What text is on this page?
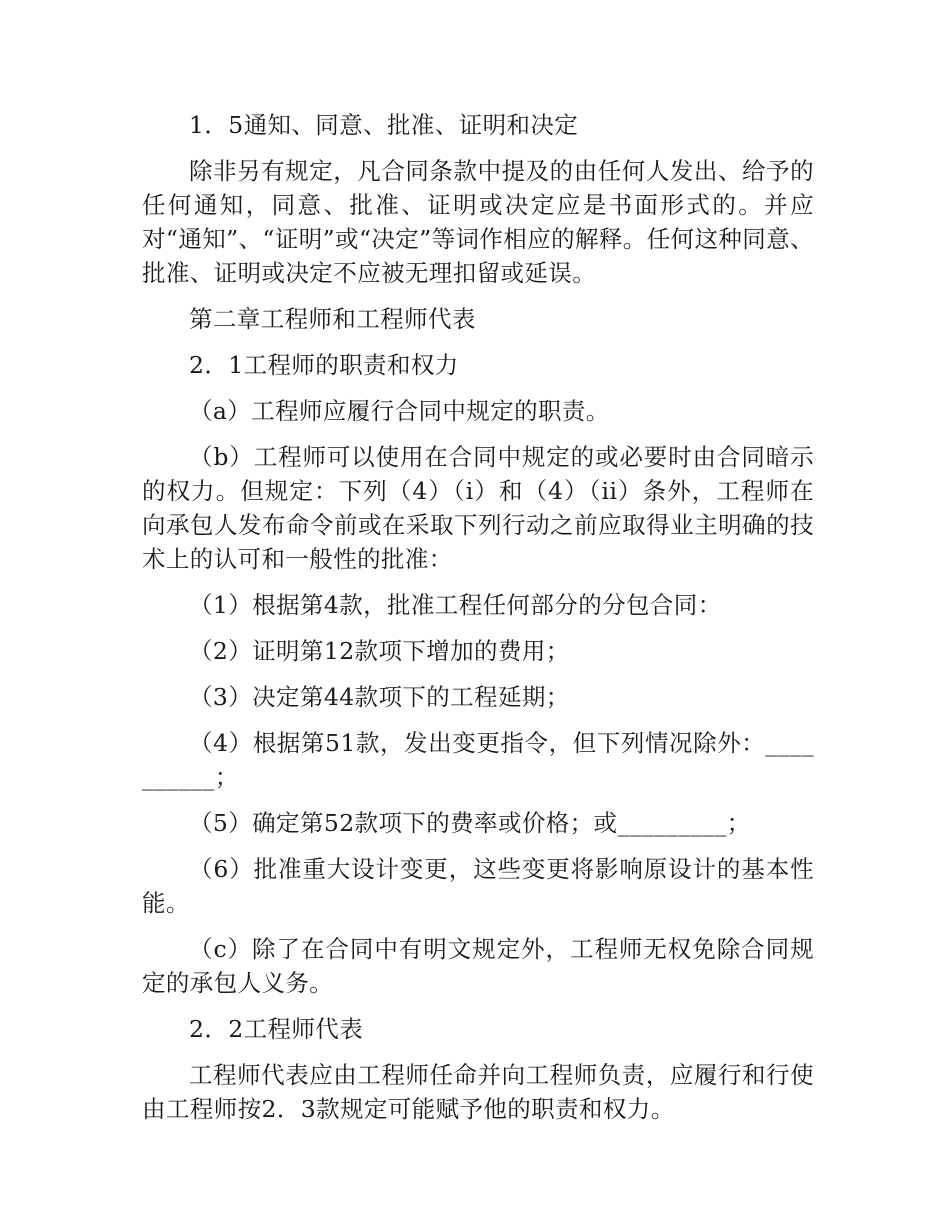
1．5通知、同意、批准、证明和决定

除非另有规定，凡合同条款中提及的由任何人发出、给予的任何通知，同意、批准、证明或决定应是书面形式的。并应对“通知”、“证明”或“决定”等词作相应的解释。任何这种同意、批准、证明或决定不应被无理扣留或延误。

第二章工程师和工程师代表

2．1工程师的职责和权力

（a）工程师应履行合同中规定的职责。

（b）工程师可以使用在合同中规定的或必要时由合同暗示的权力。但规定：下列（4）（i）和（4）（ii）条外，工程师在向承包人发布命令前或在采取下列行动之前应取得业主明确的技术上的认可和一般性的批准：

（1）根据第4款，批准工程任何部分的分包合同：

（2）证明第12款项下增加的费用；

（3）决定第44款项下的工程延期；

（4）根据第51款，发出变更指令，但下列情况除外：__________；

（5）确定第52款项下的费率或价格；或_________；

（6）批准重大设计变更，这些变更将影响原设计的基本性能。

（c）除了在合同中有明文规定外，工程师无权免除合同规定的承包人义务。

2．2工程师代表

工程师代表应由工程师任命并向工程师负责，应履行和行使由工程师按2．3款规定可能赋予他的职责和权力。
